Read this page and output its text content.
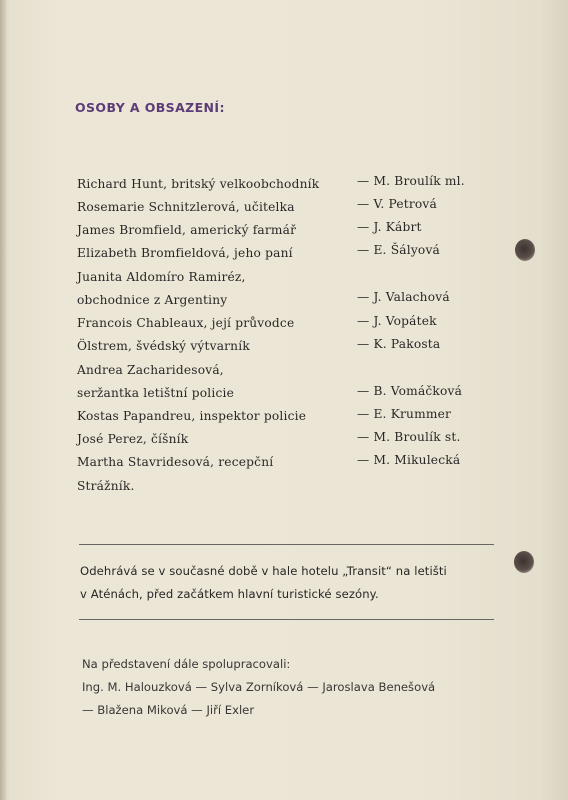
OSOBY A OBSAZENÍ:
Richard Hunt, britský velkoobchodník	— M. Broulík ml.
Rosemarie Schnitzlerová, učitelka	— V. Petrová
James Bromfield, americký farmář	— J. Kábrt
Elizabeth Bromfieldová, jeho paní	— E. Šályová
Juanita Aldomíro Ramiréz,
obchodnice z Argentiny	— J. Valachová
Francois Chableaux, její průvodce	— J. Vopátek
Ölstrem, švédský výtvarník	— K. Pakosta
Andrea Zacharidesová,
seržantka letištní policie	— B. Vomáčková
Kostas Papandreu, inspektor policie	— E. Krummer
José Perez, číšník	— M. Broulík st.
Martha Stavridesová, recepční	— M. Mikulecká
Strážník.
Odehrává se v současné době v hale hotelu „Transit“ na letišti
v Aténách, před začátkem hlavní turistické sezóny.
Na představení dále spolupracovali:
Ing. M. Halouzková — Sylva Zorníková — Jaroslava Benešová
— Blažena Miková — Jiří Exler
